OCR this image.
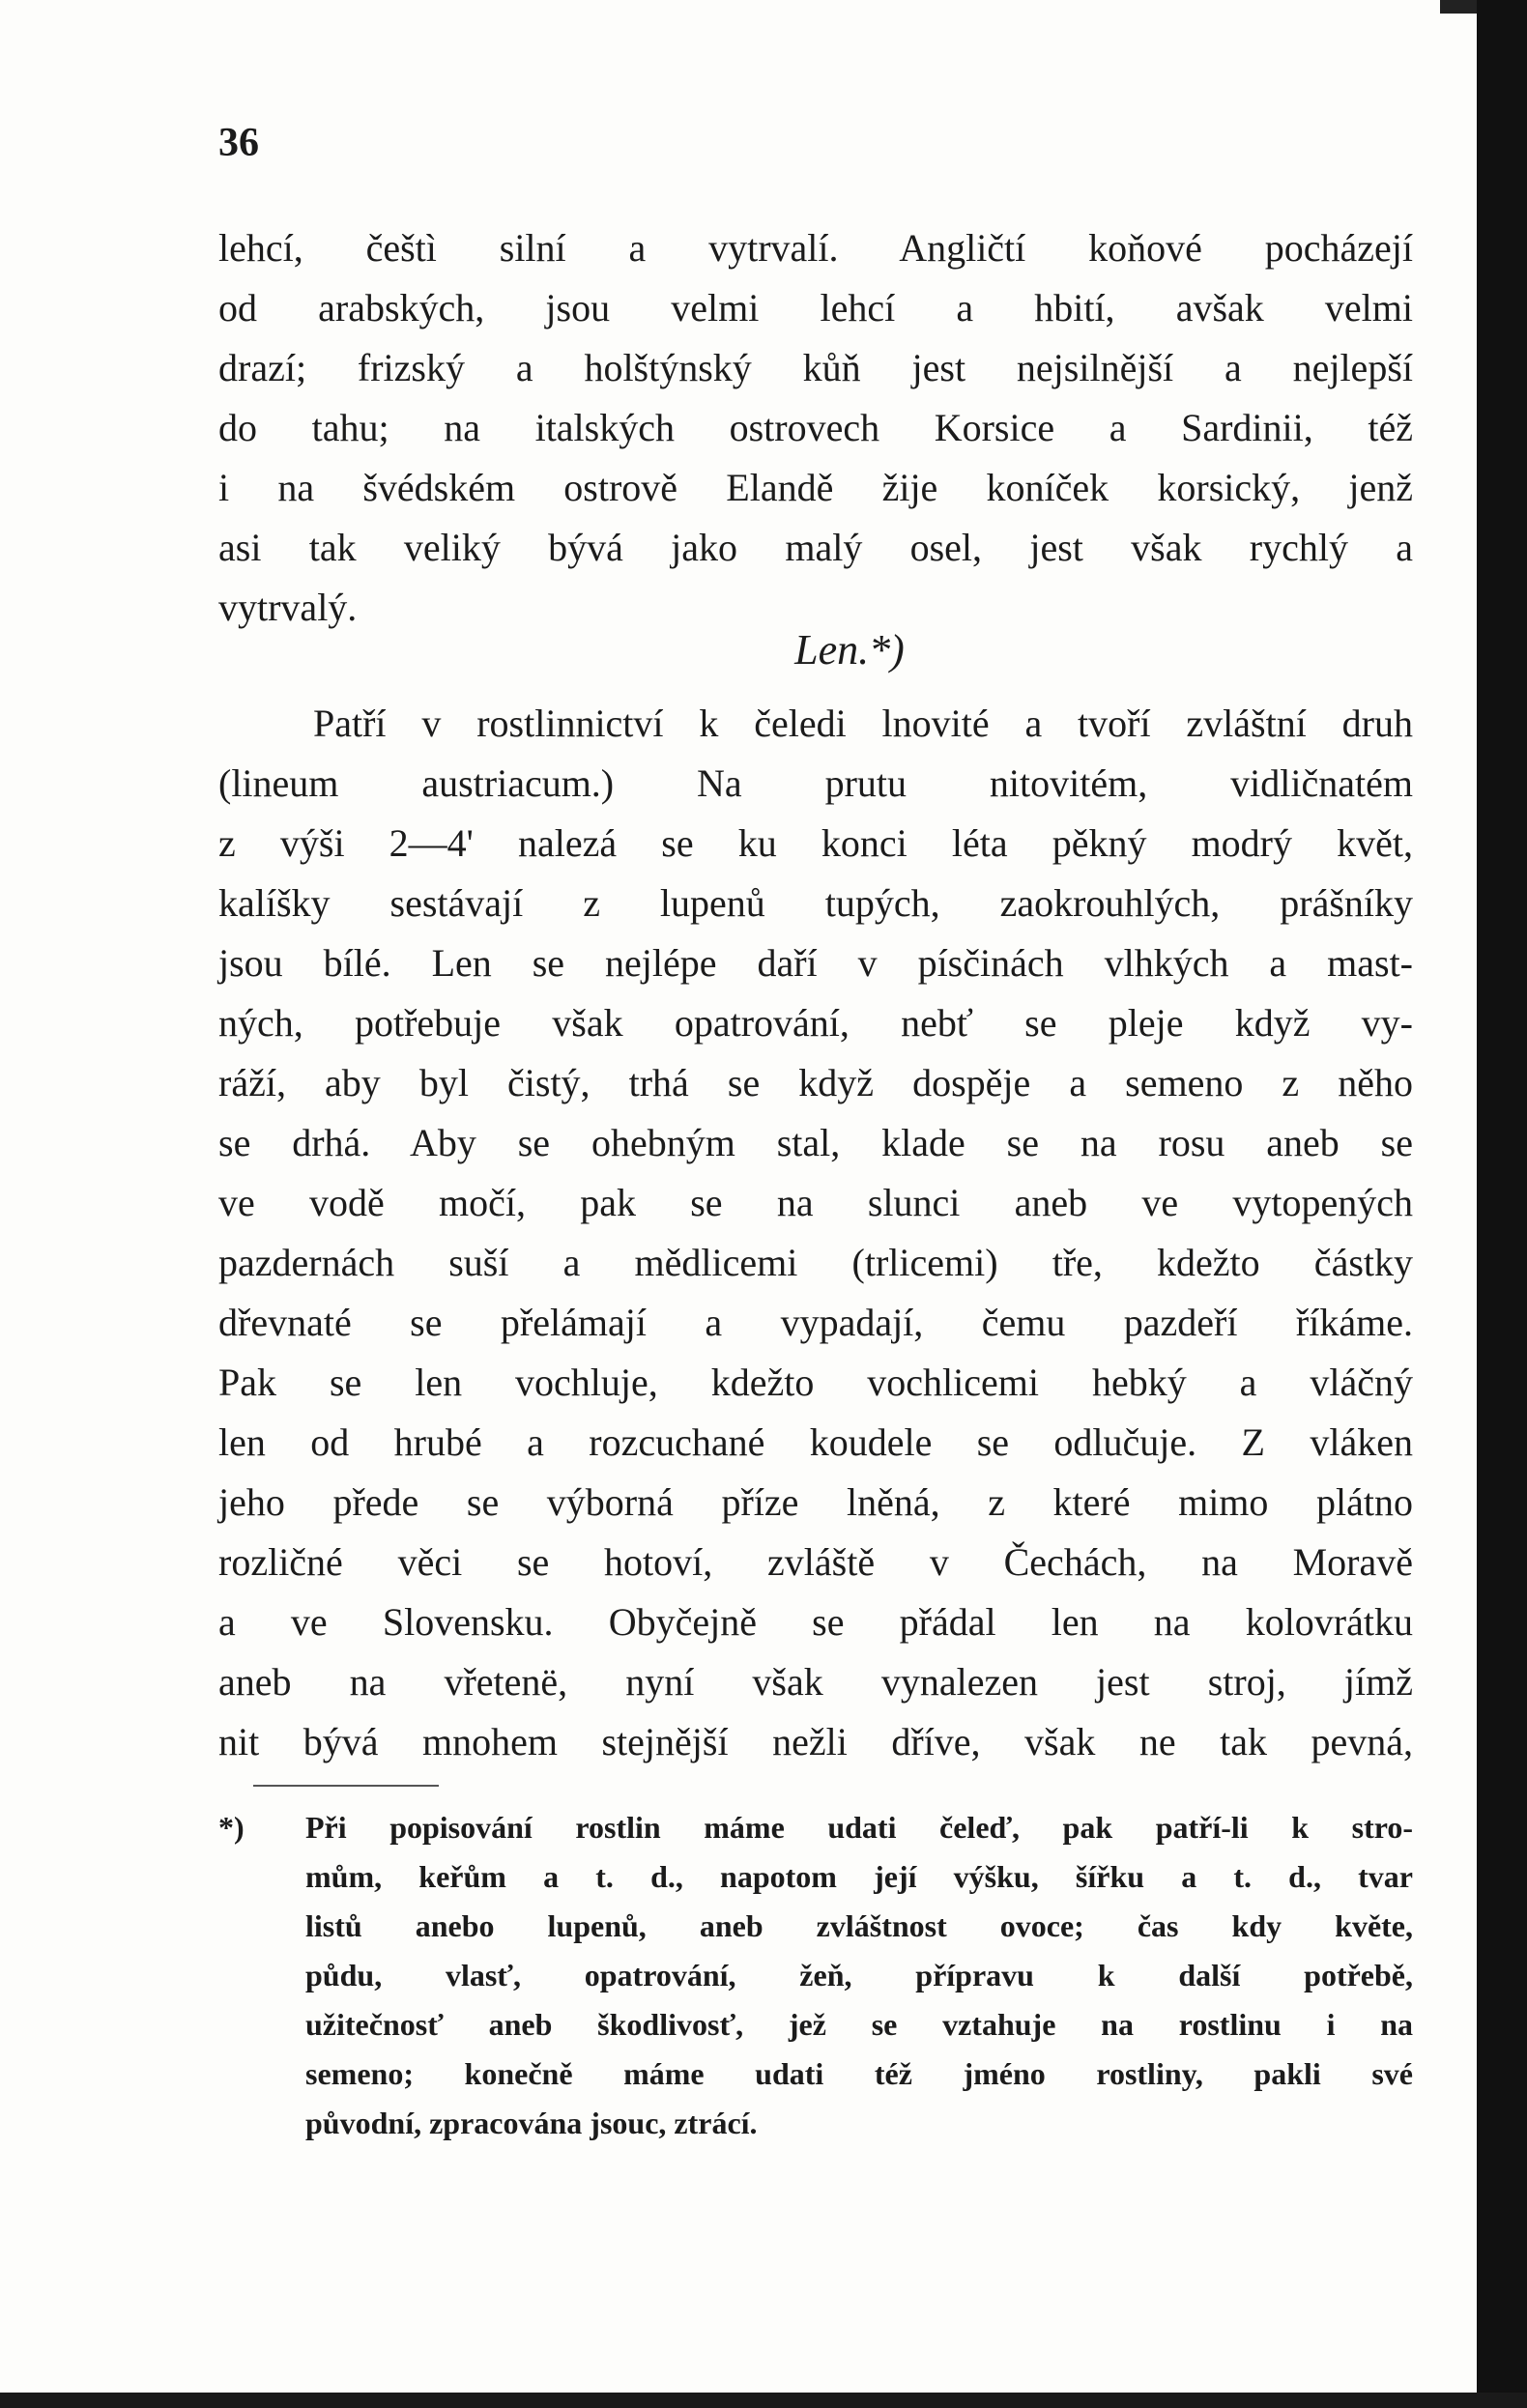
36

lehcí, češtì silní a vytrvalí. Angličtí koňové pocházejí
od arabských, jsou velmi lehcí a hbití, avšak velmi
drazí; frizský a holštýnský kůň jest nejsilnější a nejlepší
do tahu; na italských ostrovech Korsice a Sardinii, též
i na švédském ostrově Elandě žije koníček korsický, jenž
asi tak veliký bývá jako malý osel, jest však rychlý a
vytrvalý.

Len.*)

Patří v rostlinnictví k čeledi lnovité a tvoří zvláštní druh
(lineum austriacum.) Na prutu nitovitém, vidličnatém
z výši 2—4' nalezá se ku konci léta pěkný modrý květ,
kalíšky sestávají z lupenů tupých, zaokrouhlých, prášníky
jsou bílé. Len se nejlépe daří v písčinách vlhkých a mast-
ných, potřebuje však opatrování, nebť se pleje když vy-
ráží, aby byl čistý, trhá se když dospěje a semeno z něho
se drhá. Aby se ohebným stal, klade se na rosu aneb se
ve vodě močí, pak se na slunci aneb ve vytopených
pazdernách suší a mědlicemi (trlicemi) tře, kdežto částky
dřevnaté se přelámají a vypadají, čemu pazdeří říkáme.
Pak se len vochluje, kdežto vochlicemi hebký a vláčný
len od hrubé a rozcuchané koudele se odlučuje. Z vláken
jeho přede se výborná příze lněná, z které mimo plátno
rozličné věci se hotoví, zvláště v Čechách, na Moravě
a ve Slovensku. Obyčejně se přádal len na kolovrátku
aneb na vřetenë, nyní však vynalezen jest stroj, jímž
nit bývá mnohem stejnější nežli dříve, však ne tak pevná,
*) Při popisování rostlin máme udati čeleď, pak patří-li k stro-
mům, keřům a t. d., napotom její výšku, šířku a t. d., tvar
listů anebo lupenů, aneb zvláštnost ovoce; čas kdy květe,
půdu, vlasť, opatrování, žeň, přípravu k další potřebě,
užitečnosť aneb škodlivosť, jež se vztahuje na rostlinu i na
semeno; konečně máme udati též jméno rostliny, pakli své
původní, zpracována jsouc, ztrácí.
